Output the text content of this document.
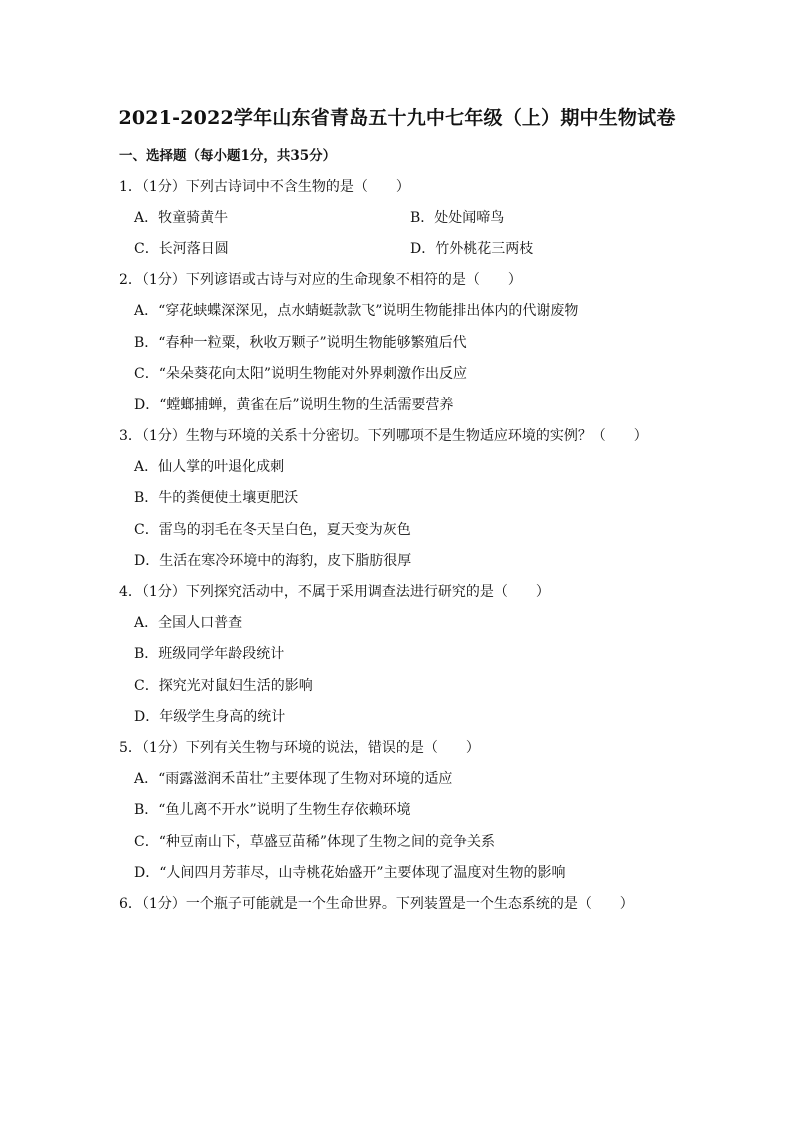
2021-2022学年山东省青岛五十九中七年级（上）期中生物试卷
一、选择题（每小题1分，共35分）
1．（1分）下列古诗词中不含生物的是（　　）
A．牧童骑黄牛	B．处处闻啼鸟
C．长河落日圆	D．竹外桃花三两枝
2．（1分）下列谚语或古诗与对应的生命现象不相符的是（　　）
A．“穿花蛱蝶深深见，点水蜻蜓款款飞”说明生物能排出体内的代谢废物
B．“春种一粒粟，秋收万颗子”说明生物能够繁殖后代
C．“朵朵葵花向太阳”说明生物能对外界刺激作出反应
D．“螳螂捕蝉，黄雀在后”说明生物的生活需要营养
3．（1分）生物与环境的关系十分密切。下列哪项不是生物适应环境的实例？（　　）
A．仙人掌的叶退化成刺
B．牛的粪便使土壤更肥沃
C．雷鸟的羽毛在冬天呈白色，夏天变为灰色
D．生活在寒冷环境中的海豹，皮下脂肪很厚
4．（1分）下列探究活动中，不属于采用调查法进行研究的是（　　）
A．全国人口普查
B．班级同学年龄段统计
C．探究光对鼠妇生活的影响
D．年级学生身高的统计
5．（1分）下列有关生物与环境的说法，错误的是（　　）
A．“雨露滋润禾苗壮”主要体现了生物对环境的适应
B．“鱼儿离不开水”说明了生物生存依赖环境
C．“种豆南山下，草盛豆苗稀”体现了生物之间的竞争关系
D．“人间四月芳菲尽，山寺桃花始盛开”主要体现了温度对生物的影响
6．（1分）一个瓶子可能就是一个生命世界。下列装置是一个生态系统的是（　　）
